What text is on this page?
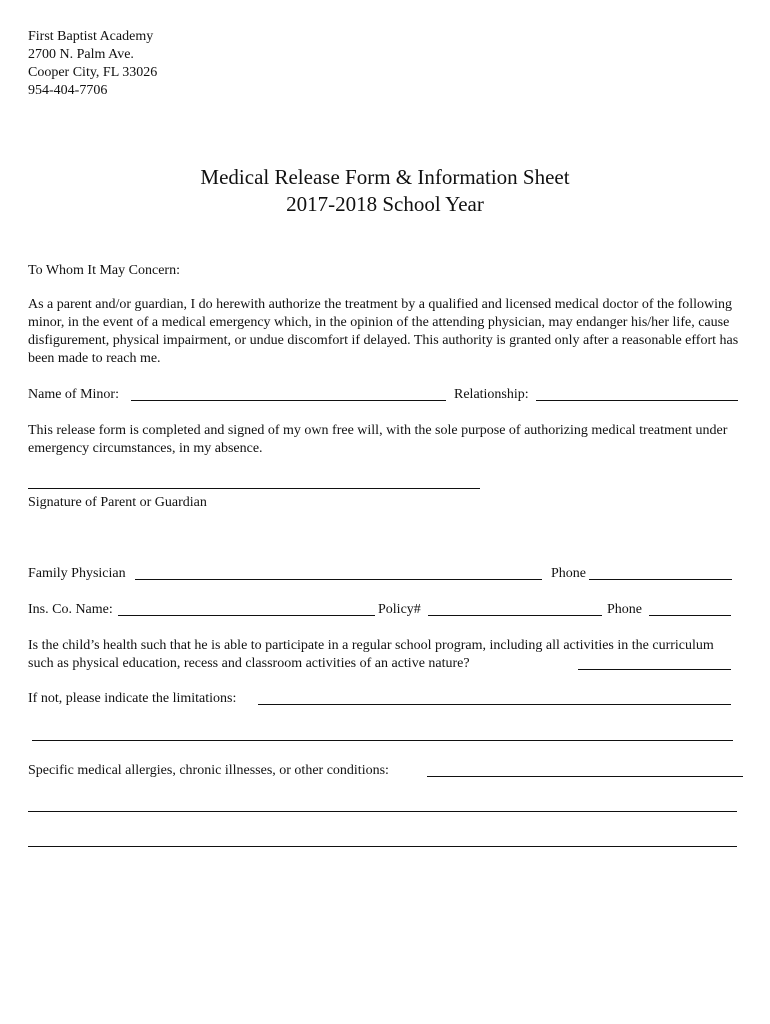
First Baptist Academy
2700 N. Palm Ave.
Cooper City, FL 33026
954-404-7706
Medical Release Form & Information Sheet
2017-2018 School Year
To Whom It May Concern:
As a parent and/or guardian, I do herewith authorize the treatment by a qualified and licensed medical doctor of the following minor, in the event of a medical emergency which, in the opinion of the attending physician, may endanger his/her life, cause disfigurement, physical impairment, or undue discomfort if delayed. This authority is granted only after a reasonable effort has been made to reach me.
Name of Minor:	Relationship:
This release form is completed and signed of my own free will, with the sole purpose of authorizing medical treatment under emergency circumstances, in my absence.
Signature of Parent or Guardian
Family Physician	Phone
Ins. Co. Name:	Policy#	Phone
Is the child’s health such that he is able to participate in a regular school program, including all activities in the curriculum such as physical education, recess and classroom activities of an active nature?
If not, please indicate the limitations:
Specific medical allergies, chronic illnesses, or other conditions:
